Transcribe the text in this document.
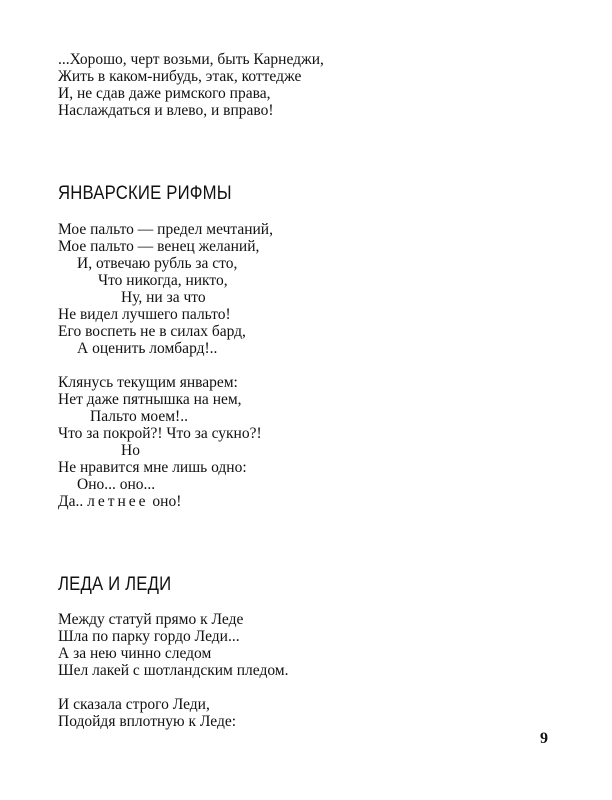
...Хорошо, черт возьми, быть Карнеджи,
Жить в каком-нибудь, этак, коттедже
И, не сдав даже римского права,
Наслаждаться и влево, и вправо!
ЯНВАРСКИЕ РИФМЫ
Мое пальто — предел мечтаний,
Мое пальто — венец желаний,
И, отвечаю рубль за сто,
Что никогда, никто,
Ну, ни за что
Не видел лучшего пальто!
Его воспеть не в силах бард,
А оценить ломбард!..
Клянусь текущим январем:
Нет даже пятнышка на нем,
Пальто моем!..
Что за покрой?! Что за сукно?!
Но
Не нравится мне лишь одно:
Оно... оно...
Да.. летнее оно!
ЛЕДА И ЛЕДИ
Между статуй прямо к Леде
Шла по парку гордо Леди...
А за нею чинно следом
Шел лакей с шотландским пледом.
И сказала строго Леди,
Подойдя вплотную к Леде:
9
